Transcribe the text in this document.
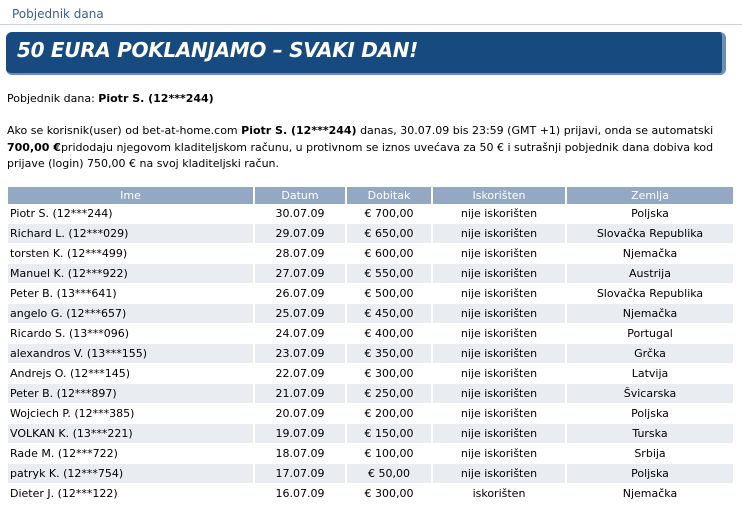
Pobjednik dana
50 EURA POKLANJAMO – SVAKI DAN!
Pobjednik dana: Piotr S. (12***244)
Ako se korisnik(user) od bet-at-home.com Piotr S. (12***244) danas, 30.07.09 bis 23:59 (GMT +1) prijavi, onda se automatski 700,00 €pridodaju njegovom kladiteljskom računu, u protivnom se iznos uvećava za 50 € i sutrašnji pobjednik dana dobiva kod prijave (login) 750,00 € na svoj kladiteljski račun.
Ime	Datum	Dobitak	Iskorišten	Zemlja
Piotr S. (12***244)	30.07.09	€ 700,00	nije iskorišten	Poljska
Richard L. (12***029)	29.07.09	€ 650,00	nije iskorišten	Slovačka Republika
torsten K. (12***499)	28.07.09	€ 600,00	nije iskorišten	Njemačka
Manuel K. (12***922)	27.07.09	€ 550,00	nije iskorišten	Austrija
Peter B. (13***641)	26.07.09	€ 500,00	nije iskorišten	Slovačka Republika
angelo G. (12***657)	25.07.09	€ 450,00	nije iskorišten	Njemačka
Ricardo S. (13***096)	24.07.09	€ 400,00	nije iskorišten	Portugal
alexandros V. (13***155)	23.07.09	€ 350,00	nije iskorišten	Grčka
Andrejs O. (12***145)	22.07.09	€ 300,00	nije iskorišten	Latvija
Peter B. (12***897)	21.07.09	€ 250,00	nije iskorišten	Švicarska
Wojciech P. (12***385)	20.07.09	€ 200,00	nije iskorišten	Poljska
VOLKAN K. (13***221)	19.07.09	€ 150,00	nije iskorišten	Turska
Rade M. (12***722)	18.07.09	€ 100,00	nije iskorišten	Srbija
patryk K. (12***754)	17.07.09	€ 50,00	nije iskorišten	Poljska
Dieter J. (12***122)	16.07.09	€ 300,00	iskorišten	Njemačka
